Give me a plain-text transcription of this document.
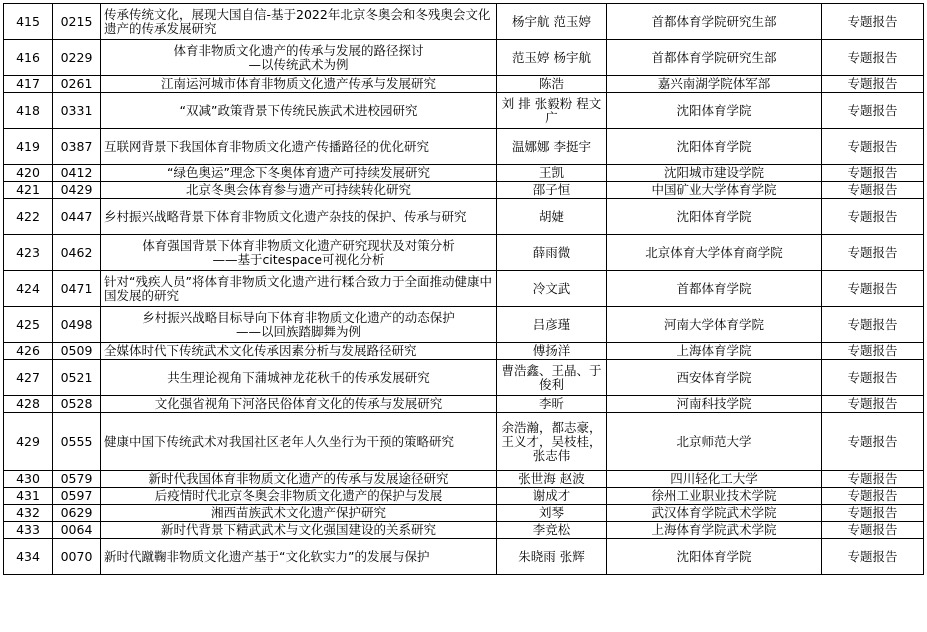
415	0215	传承传统文化，展现大国自信-基于2022年北京冬奥会和冬残奥会文化遗产的传承发展研究	杨宇航 范玉婷	首都体育学院研究生部	专题报告
416	0229	体育非物质文化遗产的传承与发展的路径探讨
—以传统武术为例	范玉婷 杨宇航	首都体育学院研究生部	专题报告
417	0261	江南运河城市体育非物质文化遗产传承与发展研究	陈浩	嘉兴南湖学院体军部	专题报告
418	0331	“双减”政策背景下传统民族武术进校园研究	刘 排 张毅粉 程文广	沈阳体育学院	专题报告
419	0387	互联网背景下我国体育非物质文化遗产传播路径的优化研究	温娜娜 李挺宇	沈阳体育学院	专题报告
420	0412	“绿色奥运”理念下冬奥体育遗产可持续发展研究	王凯	沈阳城市建设学院	专题报告
421	0429	北京冬奥会体育参与遗产可持续转化研究	邵子恒	中国矿业大学体育学院	专题报告
422	0447	乡村振兴战略背景下体育非物质文化遗产杂技的保护、传承与研究	胡婕	沈阳体育学院	专题报告
423	0462	体育强国背景下体育非物质文化遗产研究现状及对策分析
——基于citespace可视化分析	薛雨微	北京体育大学体育商学院	专题报告
424	0471	针对“残疾人员”将体育非物质文化遗产进行糅合致力于全面推动健康中国发展的研究	冷文武	首都体育学院	专题报告
425	0498	乡村振兴战略目标导向下体育非物质文化遗产的动态保护
——以回族踏脚舞为例	吕彦瑾	河南大学体育学院	专题报告
426	0509	全媒体时代下传统武术文化传承因素分析与发展路径研究	傅扬洋	上海体育学院	专题报告
427	0521	共生理论视角下蒲城神龙花秋千的传承发展研究	曹浩鑫、王晶、于俊利	西安体育学院	专题报告
428	0528	文化强省视角下河洛民俗体育文化的传承与发展研究	李昕	河南科技学院	专题报告
429	0555	健康中国下传统武术对我国社区老年人久坐行为干预的策略研究	余浩瀚，都志豪，王义才，吴枝桂，张志伟	北京师范大学	专题报告
430	0579	新时代我国体育非物质文化遗产的传承与发展途径研究	张世海 赵波	四川轻化工大学	专题报告
431	0597	后疫情时代北京冬奥会非物质文化遗产的保护与发展	谢成才	徐州工业职业技术学院	专题报告
432	0629	湘西苗族武术文化遗产保护研究	刘琴	武汉体育学院武术学院	专题报告
433	0064	新时代背景下精武武术与文化强国建设的关系研究	李竞松	上海体育学院武术学院	专题报告
434	0070	新时代蹴鞠非物质文化遗产基于“文化软实力”的发展与保护	朱晓雨 张辉	沈阳体育学院	专题报告
